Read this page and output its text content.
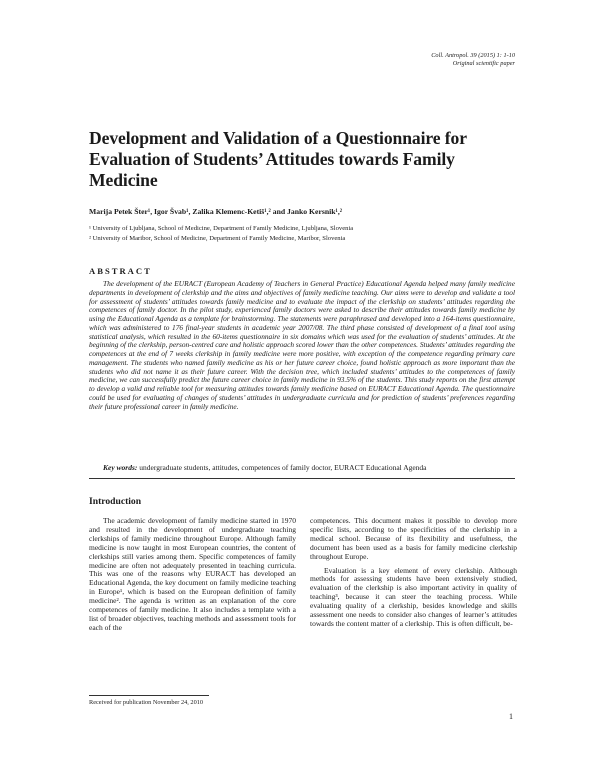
Coll. Antropol. 39 (2015) 1: 1-10
Original scientific paper
Development and Validation of a Questionnaire for Evaluation of Students’ Attitudes towards Family Medicine
Marija Petek Šter¹, Igor Švab¹, Zalika Klemenc-Ketiš¹,² and Janko Kersnik¹,²
¹ University of Ljubljana, School of Medicine, Department of Family Medicine, Ljubljana, Slovenia
² University of Maribor, School of Medicine, Department of Family Medicine, Maribor, Slovenia
ABSTRACT

The development of the EURACT (European Academy of Teachers in General Practice) Educational Agenda helped many family medicine departments in development of clerkship and the aims and objectives of family medicine teaching. Our aims were to develop and validate a tool for assessment of students’ attitudes towards family medicine and to evaluate the impact of the clerkship on students’ attitudes regarding the competences of family doctor. In the pilot study, experienced family doctors were asked to describe their attitudes towards family medicine by using the Educational Agenda as a template for brainstorming. The statements were paraphrased and developed into a 164-items questionnaire, which was administered to 176 final-year students in academic year 2007/08. The third phase consisted of development of a final tool using statistical analysis, which resulted in the 60-items questionnaire in six domains which was used for the evaluation of students’ attitudes. At the beginning of the clerkship, person-centred care and holistic approach scored lower than the other competences. Students’ attitudes regarding the competences at the end of 7 weeks clerkship in family medicine were more positive, with exception of the competence regarding primary care management. The students who named family medicine as his or her future career choice, found holistic approach as more important than the students who did not name it as their future career. With the decision tree, which included students’ attitudes to the competences of family medicine, we can successfully predict the future career choice in family medicine in 93.5% of the students. This study reports on the first attempt to develop a valid and reliable tool for measuring attitudes towards family medicine based on EURACT Educational Agenda. The questionnaire could be used for evaluating of changes of students’ attitudes in undergraduate curricula and for prediction of students’ preferences regarding their future professional career in family medicine.

Key words: undergraduate students, attitudes, competences of family doctor, EURACT Educational Agenda
Introduction

The academic development of family medicine started in 1970 and resulted in the development of undergraduate teaching clerkships of family medicine throughout Europe. Although family medicine is now taught in most European countries, the content of clerkships still varies among them. Specific competences of family medicine are often not adequately presented in teaching curricula. This was one of the reasons why EURACT has developed an Educational Agenda, the key document on family medicine teaching in Europe¹, which is based on the European definition of family medicine². The agenda is written as an explanation of the core competences of family medicine. It also includes a template with a list of broader objectives, teaching methods and assessment tools for each of the

competences. This document makes it possible to develop more specific lists, according to the specificities of the clerkship in a medical school. Because of its flexibility and usefulness, the document has been used as a basis for family medicine clerkship throughout Europe.

Evaluation is a key element of every clerkship. Although methods for assessing students have been extensively studied, evaluation of the clerkship is also important activity in quality of teaching³, because it can steer the teaching process. While evaluating quality of a clerkship, besides knowledge and skills assessment one needs to consider also changes of learner’s attitudes towards the content matter of a clerkship. This is often difficult, be-

Received for publication November 24, 2010
1
